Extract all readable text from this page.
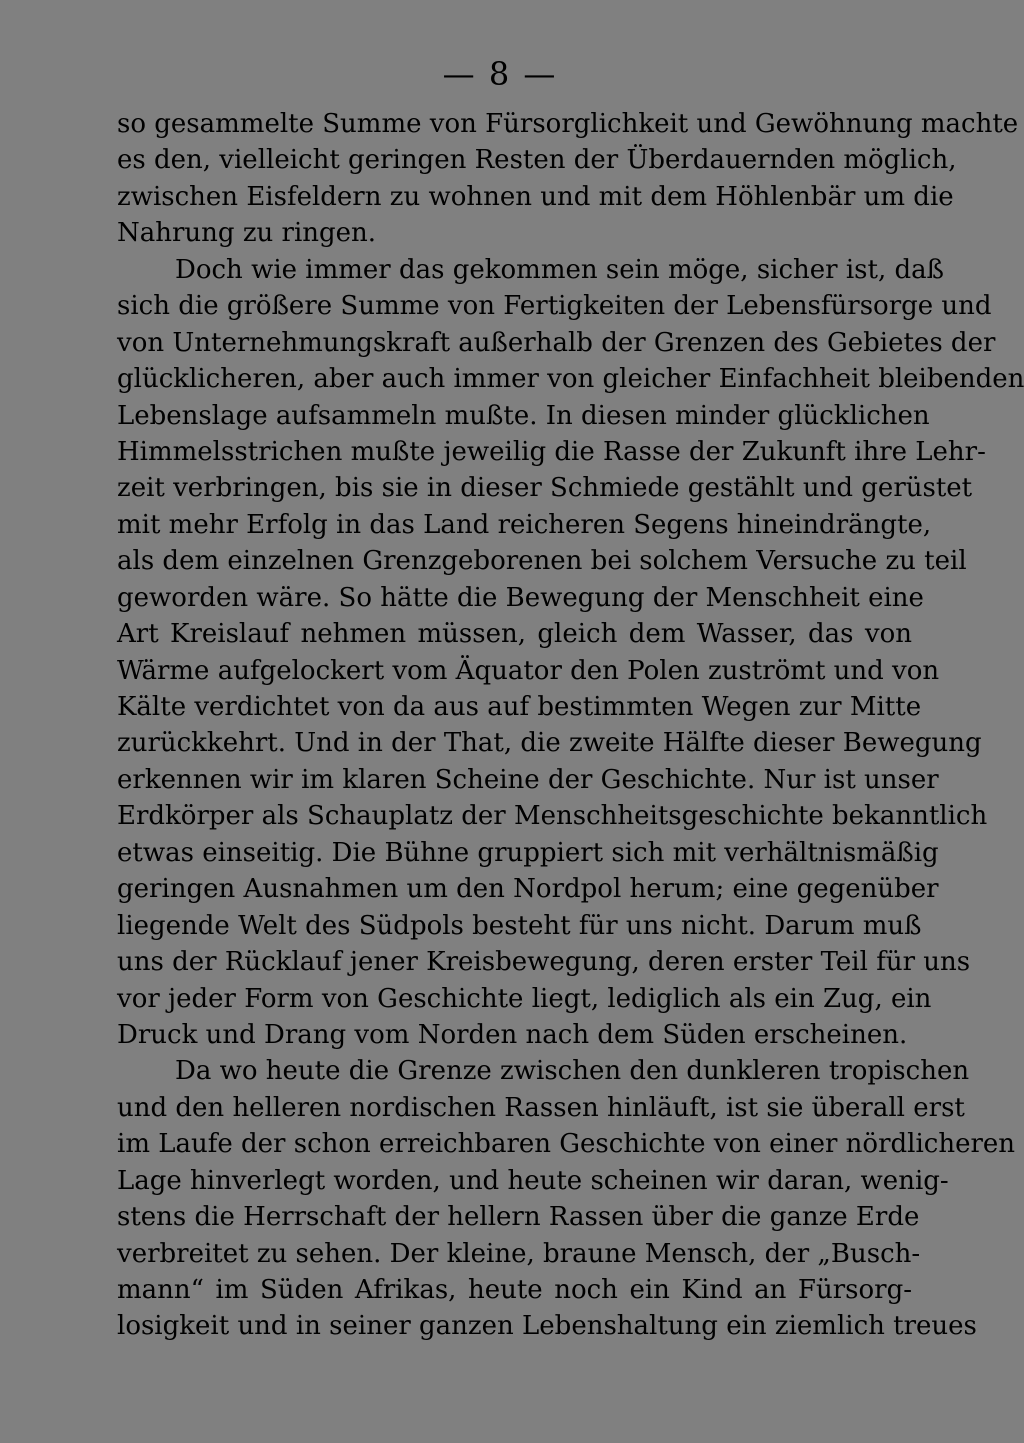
— 8 —
so gesammelte Summe von Fürsorglichkeit und Gewöhnung machte
es den, vielleicht geringen Resten der Überdauernden möglich,
zwischen Eisfeldern zu wohnen und mit dem Höhlenbär um die
Nahrung zu ringen.
Doch wie immer das gekommen sein möge, sicher ist, daß
sich die größere Summe von Fertigkeiten der Lebensfürsorge und
von Unternehmungskraft außerhalb der Grenzen des Gebietes der
glücklicheren, aber auch immer von gleicher Einfachheit bleibenden
Lebenslage aufsammeln mußte. In diesen minder glücklichen
Himmelsstrichen mußte jeweilig die Rasse der Zukunft ihre Lehr-
zeit verbringen, bis sie in dieser Schmiede gestählt und gerüstet
mit mehr Erfolg in das Land reicheren Segens hineindrängte,
als dem einzelnen Grenzgeborenen bei solchem Versuche zu teil
geworden wäre. So hätte die Bewegung der Menschheit eine
Art Kreislauf nehmen müssen, gleich dem Wasser, das von
Wärme aufgelockert vom Äquator den Polen zuströmt und von
Kälte verdichtet von da aus auf bestimmten Wegen zur Mitte
zurückkehrt. Und in der That, die zweite Hälfte dieser Bewegung
erkennen wir im klaren Scheine der Geschichte. Nur ist unser
Erdkörper als Schauplatz der Menschheitsgeschichte bekanntlich
etwas einseitig. Die Bühne gruppiert sich mit verhältnismäßig
geringen Ausnahmen um den Nordpol herum; eine gegenüber
liegende Welt des Südpols besteht für uns nicht. Darum muß
uns der Rücklauf jener Kreisbewegung, deren erster Teil für uns
vor jeder Form von Geschichte liegt, lediglich als ein Zug, ein
Druck und Drang vom Norden nach dem Süden erscheinen.
Da wo heute die Grenze zwischen den dunkleren tropischen
und den helleren nordischen Rassen hinläuft, ist sie überall erst
im Laufe der schon erreichbaren Geschichte von einer nördlicheren
Lage hinverlegt worden, und heute scheinen wir daran, wenig-
stens die Herrschaft der hellern Rassen über die ganze Erde
verbreitet zu sehen. Der kleine, braune Mensch, der „Busch-
mann“ im Süden Afrikas, heute noch ein Kind an Fürsorg-
losigkeit und in seiner ganzen Lebenshaltung ein ziemlich treues
